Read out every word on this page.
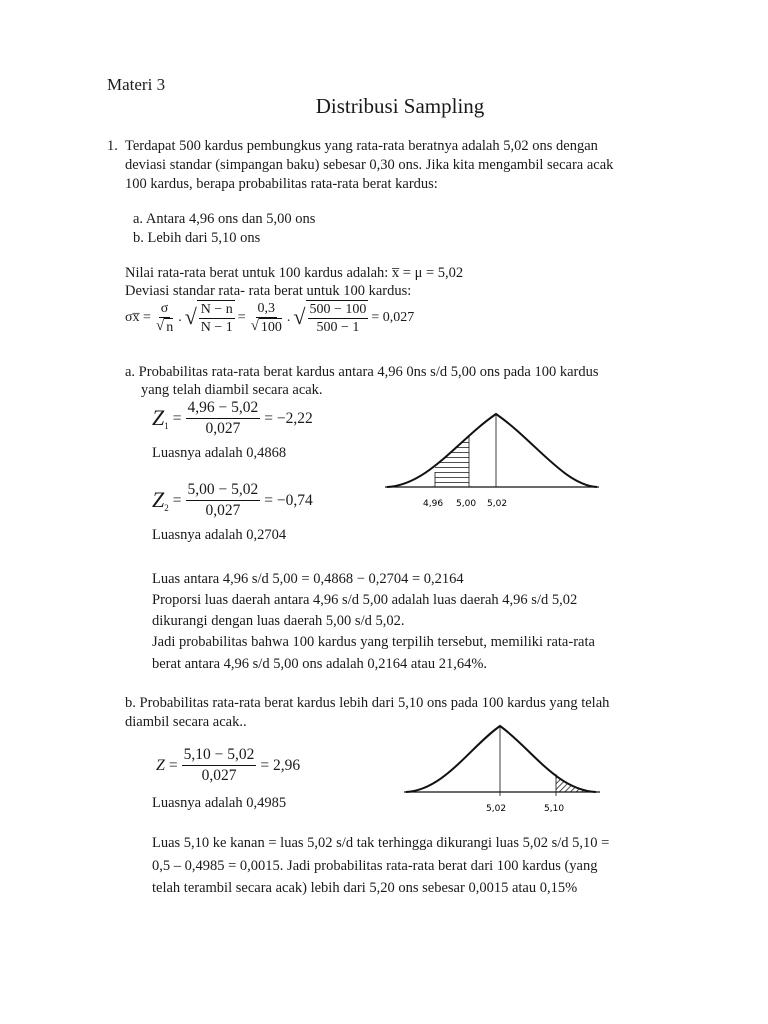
Materi 3
Distribusi Sampling
1. Terdapat 500 kardus pembungkus yang rata-rata beratnya adalah 5,02 ons dengan
deviasi standar (simpangan baku) sebesar 0,30 ons. Jika kita mengambil secara acak
100 kardus, berapa probabilitas rata-rata berat kardus:
a. Antara 4,96 ons dan 5,00 ons
b. Lebih dari 5,10 ons
Nilai rata-rata berat untuk 100 kardus adalah: x̅ = μ = 5,02
Deviasi standar rata- rata berat untuk 100 kardus:
σx̅ = $\frac{\sigma}{√ n}$ . √ $\frac{N - n}{N - 1} = \frac{0,3}{√ 100}$ . √ $\frac{500 - 100}{500 - 1} = 0,027$
a. Probabilitas rata-rata berat kardus antara 4,96 0ns s/d 5,00 ons pada 100 kardus
yang telah diambil secara acak.
$Z_1$
= $\frac{4,96 - 5,02}{0,027} = -2,22$
Luasnya adalah 0,4868
$Z_2$
= $\frac{5,00 - 5,02}{0,027} = -0,74$
Luasnya adalah 0,2704
4,96 5,00 5,02
Luas antara 4,96 s/d 5,00 = 0,4868 − 0,2704 = 0,2164
Proporsi luas daerah antara 4,96 s/d 5,00 adalah luas daerah 4,96 s/d 5,02
dikurangi dengan luas daerah 5,00 s/d 5,02.
Jadi probabilitas bahwa 100 kardus yang terpilih tersebut, memiliki rata-rata
berat antara 4,96 s/d 5,00 ons adalah 0,2164 atau 21,64%.
b. Probabilitas rata-rata berat kardus lebih dari 5,10 ons pada 100 kardus yang telah
diambil secara acak..
$Z = \frac{5,10 - 5,02}{0,027} = 2,96$
Luasnya adalah 0,4985	5,02	5,10
Luas 5,10 ke kanan = luas 5,02 s/d tak terhingga dikurangi luas 5,02 s/d 5,10 =
0,5 – 0,4985 = 0,0015. Jadi probabilitas rata-rata berat dari 100 kardus (yang
telah terambil secara acak) lebih dari 5,20 ons sebesar 0,0015 atau 0,15%
